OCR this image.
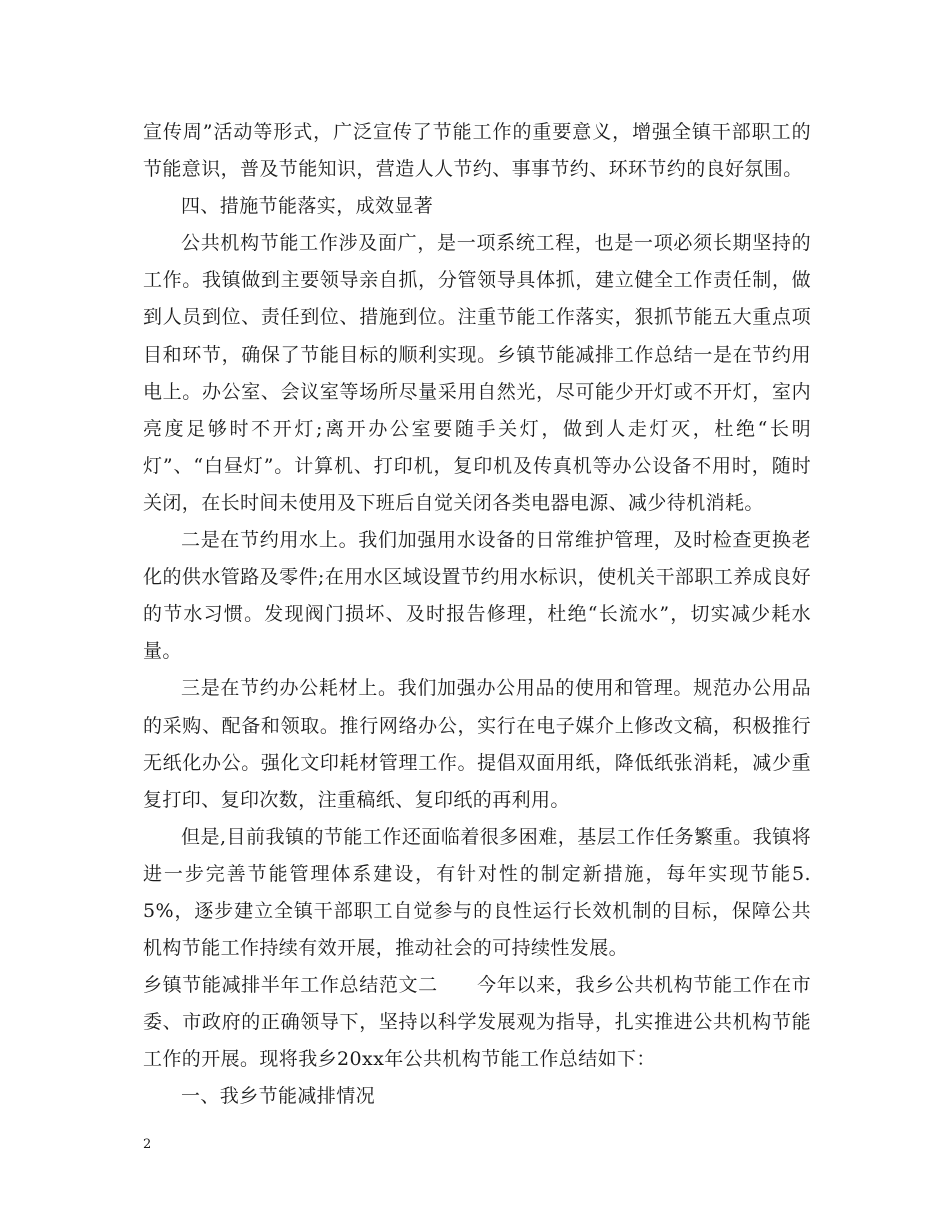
宣传周”活动等形式，广泛宣传了节能工作的重要意义，增强全镇干部职工的节能意识，普及节能知识，营造人人节约、事事节约、环环节约的良好氛围。

四、措施节能落实，成效显著

公共机构节能工作涉及面广，是一项系统工程，也是一项必须长期坚持的工作。我镇做到主要领导亲自抓，分管领导具体抓，建立健全工作责任制，做到人员到位、责任到位、措施到位。注重节能工作落实，狠抓节能五大重点项目和环节，确保了节能目标的顺利实现。乡镇节能减排工作总结一是在节约用电上。办公室、会议室等场所尽量采用自然光，尽可能少开灯或不开灯，室内亮度足够时不开灯;离开办公室要随手关灯，做到人走灯灭，杜绝“长明灯”、“白昼灯”。计算机、打印机，复印机及传真机等办公设备不用时，随时关闭，在长时间未使用及下班后自觉关闭各类电器电源、减少待机消耗。

二是在节约用水上。我们加强用水设备的日常维护管理，及时检查更换老化的供水管路及零件;在用水区域设置节约用水标识，使机关干部职工养成良好的节水习惯。发现阀门损坏、及时报告修理，杜绝“长流水”，切实减少耗水量。

三是在节约办公耗材上。我们加强办公用品的使用和管理。规范办公用品的采购、配备和领取。推行网络办公，实行在电子媒介上修改文稿，积极推行无纸化办公。强化文印耗材管理工作。提倡双面用纸，降低纸张消耗，减少重复打印、复印次数，注重稿纸、复印纸的再利用。

但是,目前我镇的节能工作还面临着很多困难，基层工作任务繁重。我镇将进一步完善节能管理体系建设，有针对性的制定新措施，每年实现节能5.5%，逐步建立全镇干部职工自觉参与的良性运行长效机制的目标，保障公共机构节能工作持续有效开展，推动社会的可持续性发展。

乡镇节能减排半年工作总结范文二　　今年以来，我乡公共机构节能工作在市委、市政府的正确领导下，坚持以科学发展观为指导，扎实推进公共机构节能工作的开展。现将我乡20xx年公共机构节能工作总结如下：

一、我乡节能减排情况

2
